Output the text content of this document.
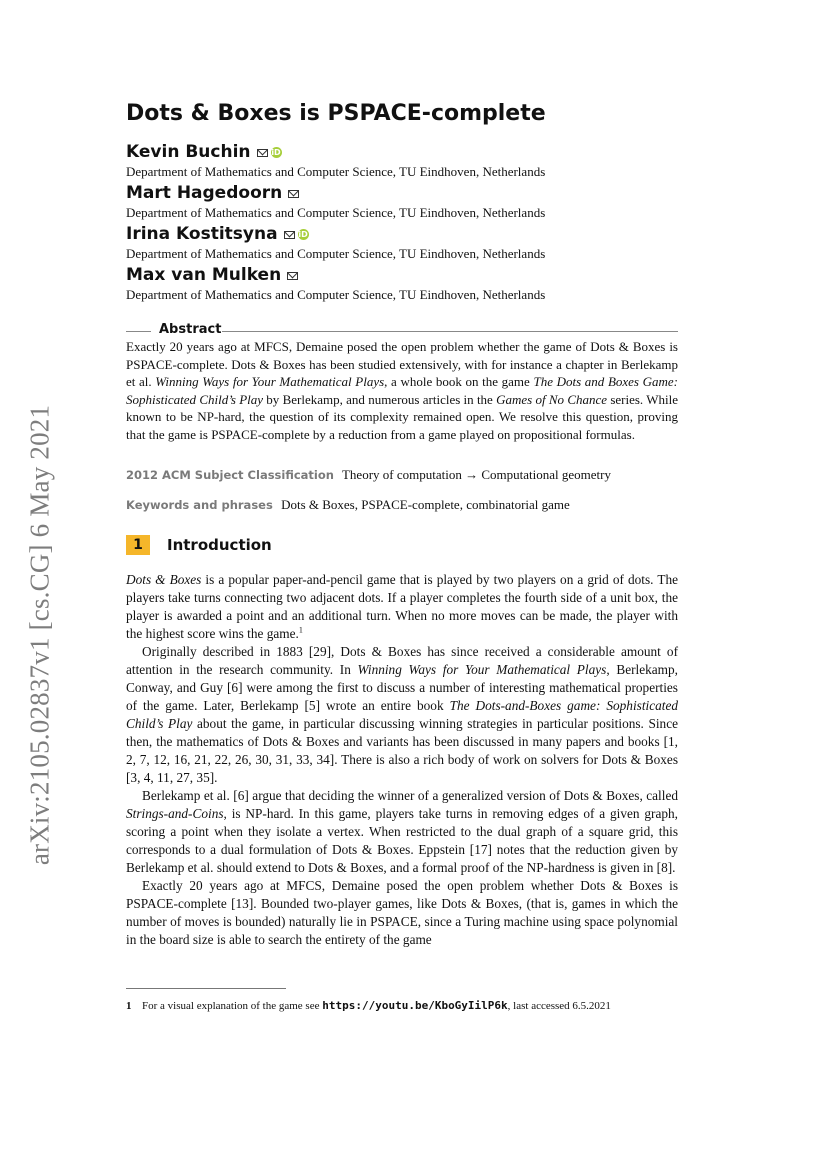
arXiv:2105.02837v1 [cs.CG] 6 May 2021
Dots & Boxes is PSPACE-complete
Kevin Buchin	iD
Department of Mathematics and Computer Science, TU Eindhoven, Netherlands
Mart Hagedoorn
Department of Mathematics and Computer Science, TU Eindhoven, Netherlands
Irina Kostitsyna	iD
Department of Mathematics and Computer Science, TU Eindhoven, Netherlands
Max van Mulken
Department of Mathematics and Computer Science, TU Eindhoven, Netherlands
Abstract

Exactly 20 years ago at MFCS, Demaine posed the open problem whether the game of Dots & Boxes is PSPACE-complete. Dots & Boxes has been studied extensively, with for instance a chapter in Berlekamp et al. Winning Ways for Your Mathematical Plays, a whole book on the game The Dots and Boxes Game: Sophisticated Child’s Play by Berlekamp, and numerous articles in the Games of No Chance series. While known to be NP-hard, the question of its complexity remained open. We resolve this question, proving that the game is PSPACE-complete by a reduction from a game played on propositional formulas.

2012 ACM Subject Classification Theory of computation → Computational geometry
Keywords and phrases Dots & Boxes, PSPACE-complete, combinatorial game
1	Introduction

Dots & Boxes is a popular paper-and-pencil game that is played by two players on a grid of dots. The players take turns connecting two adjacent dots. If a player completes the fourth side of a unit box, the player is awarded a point and an additional turn. When no more moves can be made, the player with the highest score wins the game.$^1$

Originally described in 1883 [29], Dots & Boxes has since received a considerable amount of attention in the research community. In Winning Ways for Your Mathematical Plays, Berlekamp, Conway, and Guy [6] were among the first to discuss a number of interesting mathematical properties of the game. Later, Berlekamp [5] wrote an entire book The Dots-and-Boxes game: Sophisticated Child’s Play about the game, in particular discussing winning strategies in particular positions. Since then, the mathematics of Dots & Boxes and variants has been discussed in many papers and books [1, 2, 7, 12, 16, 21, 22, 26, 30, 31, 33, 34]. There is also a rich body of work on solvers for Dots & Boxes [3, 4, 11, 27, 35].

Berlekamp et al. [6] argue that deciding the winner of a generalized version of Dots & Boxes, called Strings-and-Coins, is NP-hard. In this game, players take turns in removing edges of a given graph, scoring a point when they isolate a vertex. When restricted to the dual graph of a square grid, this corresponds to a dual formulation of Dots & Boxes. Eppstein [17] notes that the reduction given by Berlekamp et al. should extend to Dots & Boxes, and a formal proof of the NP-hardness is given in [8].

Exactly 20 years ago at MFCS, Demaine posed the open problem whether Dots & Boxes is PSPACE-complete [13]. Bounded two-player games, like Dots & Boxes, (that is, games in which the number of moves is bounded) naturally lie in PSPACE, since a Turing machine using space polynomial in the board size is able to search the entirety of the game

1 For a visual explanation of the game see https://youtu.be/KboGyIilP6k, last accessed 6.5.2021
